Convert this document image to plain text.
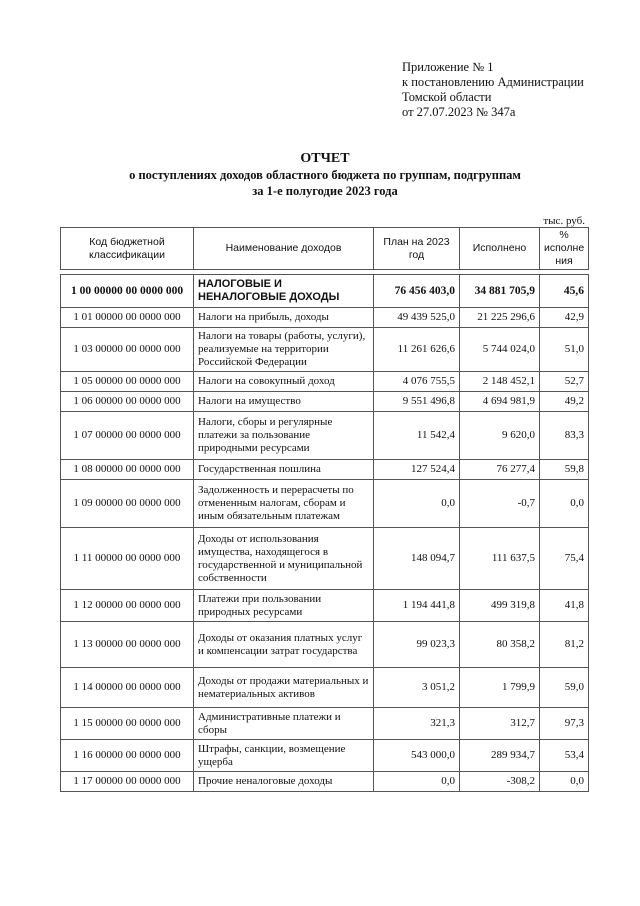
Приложение № 1
к постановлению Администрации
Томской области
от 27.07.2023 № 347а
ОТЧЕТ
о поступлениях доходов областного бюджета по группам, подгруппам
за 1-е полугодие 2023 года
тыс. руб.
Код бюджетной классификации	Наименование доходов	План на 2023 год	Исполнено	% исполне ния

1 00 00000 00 0000 000	НАЛОГОВЫЕ И НЕНАЛОГОВЫЕ ДОХОДЫ	76 456 403,0	34 881 705,9	45,6
1 01 00000 00 0000 000	Налоги на прибыль, доходы	49 439 525,0	21 225 296,6	42,9
1 03 00000 00 0000 000	Налоги на товары (работы, услуги), реализуемые на территории Российской Федерации	11 261 626,6	5 744 024,0	51,0
1 05 00000 00 0000 000	Налоги на совокупный доход	4 076 755,5	2 148 452,1	52,7
1 06 00000 00 0000 000	Налоги на имущество	9 551 496,8	4 694 981,9	49,2
1 07 00000 00 0000 000	Налоги, сборы и регулярные платежи за пользование природными ресурсами	11 542,4	9 620,0	83,3
1 08 00000 00 0000 000	Государственная пошлина	127 524,4	76 277,4	59,8
1 09 00000 00 0000 000	Задолженность и перерасчеты по отмененным налогам, сборам и иным обязательным платежам	0,0	-0,7	0,0
1 11 00000 00 0000 000	Доходы от использования имущества, находящегося в государственной и муниципальной собственности	148 094,7	111 637,5	75,4
1 12 00000 00 0000 000	Платежи при пользовании природных ресурсами	1 194 441,8	499 319,8	41,8
1 13 00000 00 0000 000	Доходы от оказания платных услуг и компенсации затрат государства	99 023,3	80 358,2	81,2
1 14 00000 00 0000 000	Доходы от продажи материальных и нематериальных активов	3 051,2	1 799,9	59,0
1 15 00000 00 0000 000	Административные платежи и сборы	321,3	312,7	97,3
1 16 00000 00 0000 000	Штрафы, санкции, возмещение ущерба	543 000,0	289 934,7	53,4
1 17 00000 00 0000 000	Прочие неналоговые доходы	0,0	-308,2	0,0
